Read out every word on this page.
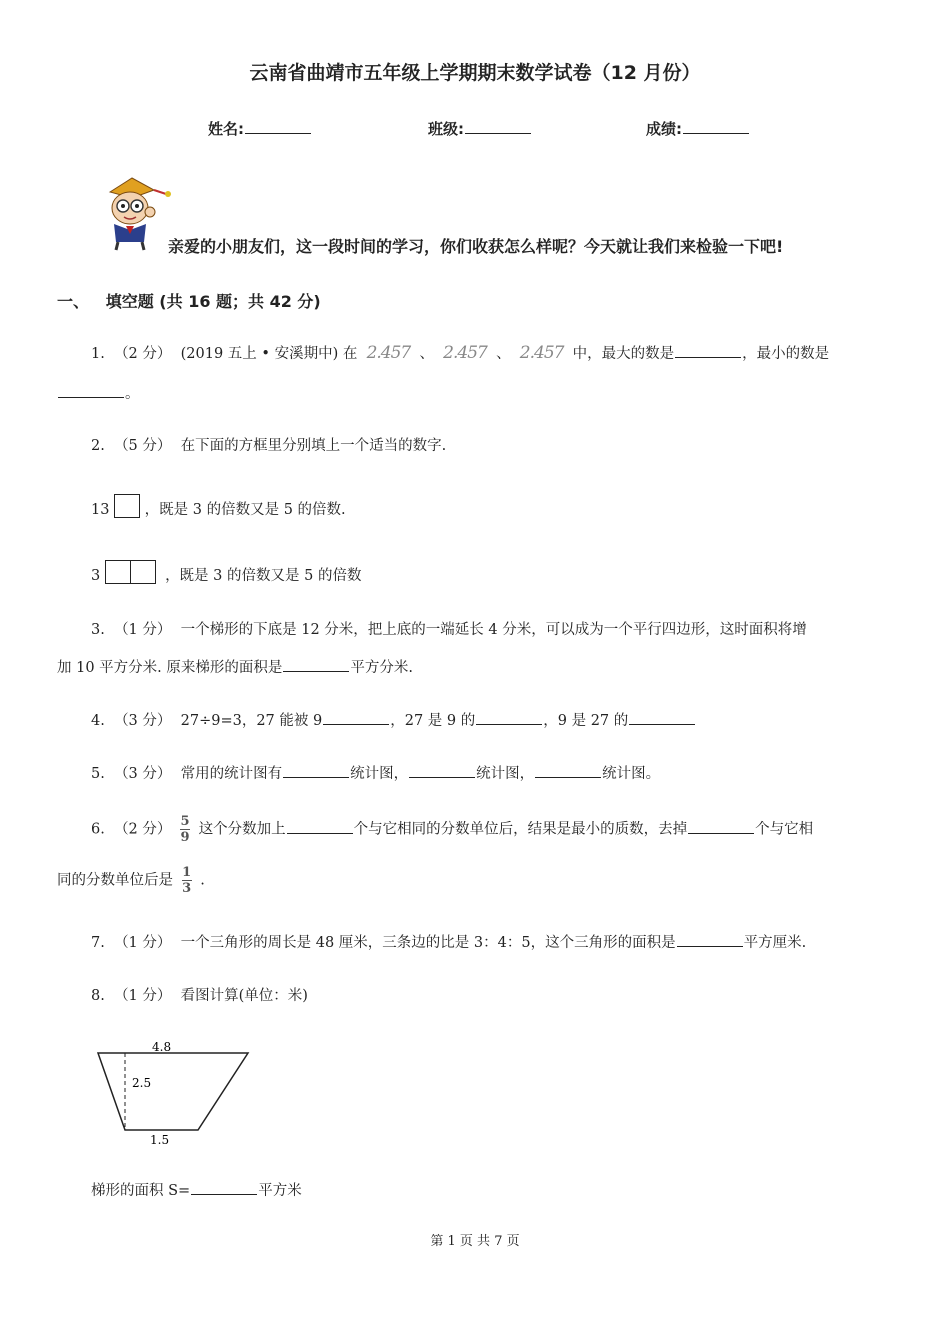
云南省曲靖市五年级上学期期末数学试卷（12 月份）
姓名:	班级:	成绩:
亲爱的小朋友们，这一段时间的学习，你们收获怎么样呢？今天就让我们来检验一下吧!
一、 填空题 (共 16 题；共 42 分)
1. （2 分） (2019 五上 • 安溪期中) 在 2.457 、 2.457 、 2.457 中，最大的数是	，最小的数是
。
2. （5 分） 在下面的方框里分别填上一个适当的数字.
13 ，既是 3 的倍数又是 5 的倍数.
3	，既是 3 的倍数又是 5 的倍数
3. （1 分） 一个梯形的下底是 12 分米，把上底的一端延长 4 分米，可以成为一个平行四边形，这时面积将增
加 10 平方分米. 原来梯形的面积是	平方分米.
4. （3 分） 27÷9=3，27 能被 9	，27 是 9 的	，9 是 27 的
5. （3 分） 常用的统计图有	统计图，	统计图，	统计图。
6. （2 分） $\frac{5}{9}$ 这个分数加上	个与它相同的分数单位后，结果是最小的质数，去掉	个与它相
同的分数单位后是 $\frac{1}{3}$ .
7. （1 分） 一个三角形的周长是 48 厘米，三条边的比是 3：4：5，这个三角形的面积是	平方厘米.
8. （1 分） 看图计算(单位：米)
4.8
2.5
1.5
梯形的面积 S=	平方米
第 1 页 共 7 页
